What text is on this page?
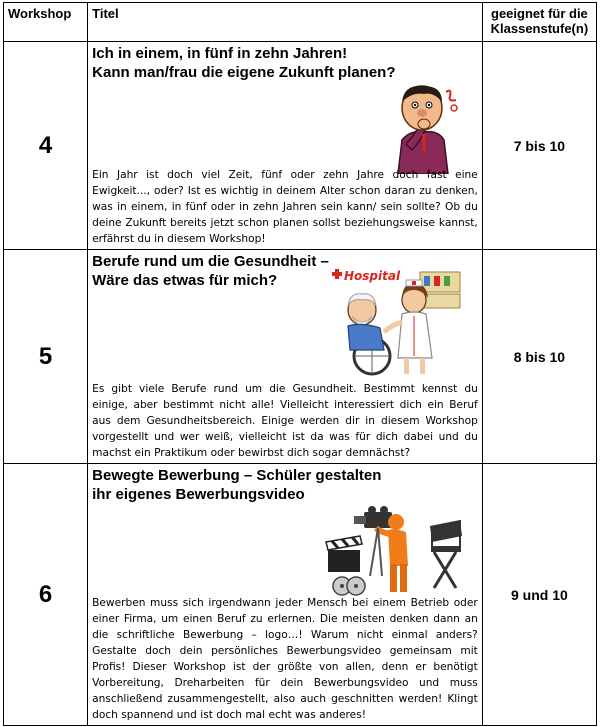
Workshop	Titel	geeignet für die Klassenstufe(n)
4	Ich in einem, in fünf in zehn Jahren!
Kann man/frau die eigene Zukunft planen?
Ein Jahr ist doch viel Zeit, fünf oder zehn Jahre doch fast eine Ewigkeit..., oder? Ist es wichtig in deinem Alter schon daran zu denken, was in einem, in fünf oder in zehn Jahren sein kann/ sein sollte? Ob du deine Zukunft bereits jetzt schon planen sollst beziehungsweise kannst, erfährst du in diesem Workshop!	7 bis 10
5	Berufe rund um die Gesundheit –
Wäre das etwas für mich? Hospital
Es gibt viele Berufe rund um die Gesundheit. Bestimmt kennst du einige, aber bestimmt nicht alle! Vielleicht interessiert dich ein Beruf aus dem Gesundheitsbereich. Einige werden dir in diesem Workshop vorgestellt und wer weiß, vielleicht ist da was für dich dabei und du machst ein Praktikum oder bewirbst dich sogar demnächst?	8 bis 10
6	Bewegte Bewerbung – Schüler gestalten
ihr eigenes Bewerbungsvideo
Bewerben muss sich irgendwann jeder Mensch bei einem Betrieb oder einer Firma, um einen Beruf zu erlernen. Die meisten denken dann an die schriftliche Bewerbung – logo…! Warum nicht einmal anders? Gestalte doch dein persönliches Bewerbungsvideo gemeinsam mit Profis! Dieser Workshop ist der größte von allen, denn er benötigt Vorbereitung, Dreharbeiten für dein Bewerbungsvideo und muss anschließend zusammengestellt, also auch geschnitten werden! Klingt doch spannend und ist doch mal echt was anderes!	9 und 10
